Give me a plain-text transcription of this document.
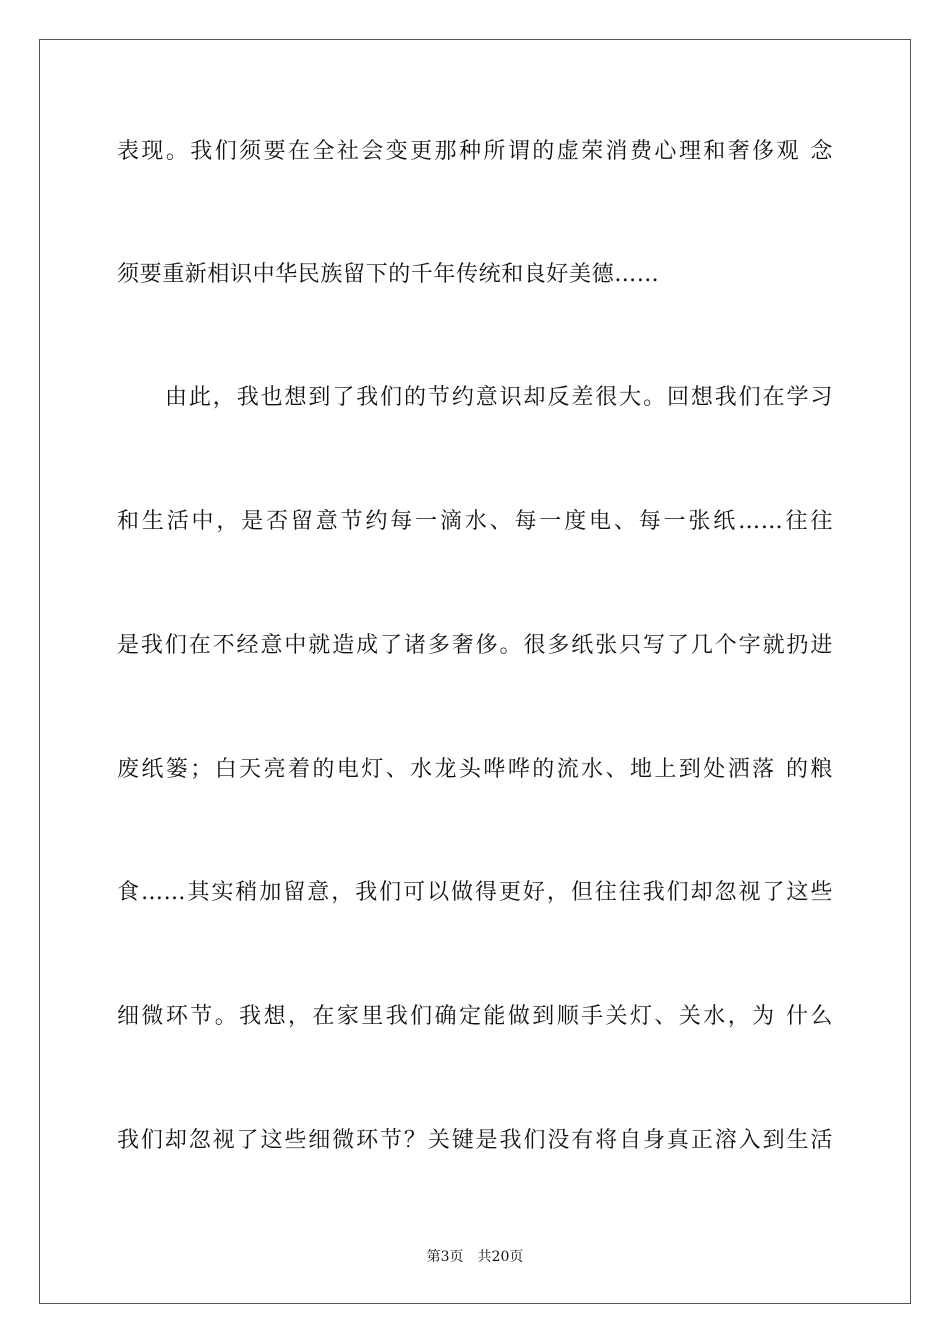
表现。我们须要在全社会变更那种所谓的虚荣消费心理和奢侈观 念
须要重新相识中华民族留下的千年传统和良好美德……
由此，我也想到了我们的节约意识却反差很大。回想我们在学习
和生活中，是否留意节约每一滴水、每一度电、每一张纸……往往
是我们在不经意中就造成了诸多奢侈。很多纸张只写了几个字就扔进
废纸篓；白天亮着的电灯、水龙头哗哗的流水、地上到处洒落 的粮
食……其实稍加留意，我们可以做得更好，但往往我们却忽视了这些
细微环节。我想，在家里我们确定能做到顺手关灯、关水，为 什么
我们却忽视了这些细微环节？关键是我们没有将自身真正溶入到生活
第3页 共20页
